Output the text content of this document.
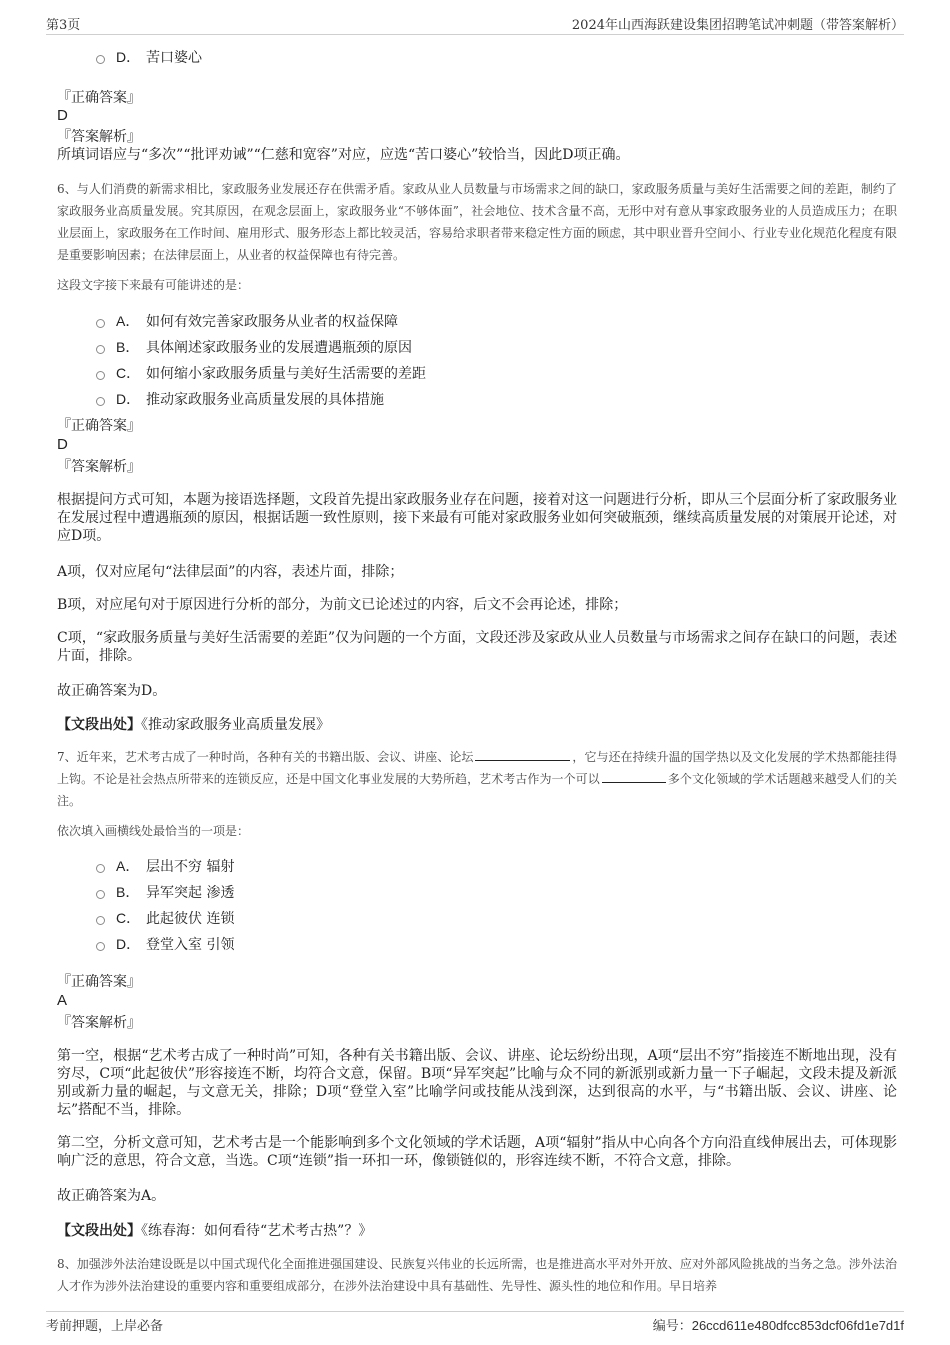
第3页	2024年山西海跃建设集团招聘笔试冲刺题（带答案解析）
D． 苦口婆心
『正确答案』
D
『答案解析』
所填词语应与“多次”“批评劝诫”“仁慈和宽容”对应，应选“苦口婆心”较恰当，因此D项正确。
6、与人们消费的新需求相比，家政服务业发展还存在供需矛盾。家政从业人员数量与市场需求之间的缺口，家政服务质量与美好生活需要之间的差距，制约了家政服务业高质量发展。究其原因，在观念层面上，家政服务业“不够体面”，社会地位、技术含量不高，无形中对有意从事家政服务业的人员造成压力；在职业层面上，家政服务在工作时间、雇用形式、服务形态上都比较灵活，容易给求职者带来稳定性方面的顾虑，其中职业晋升空间小、行业专业化规范化程度有限是重要影响因素；在法律层面上，从业者的权益保障也有待完善。
这段文字接下来最有可能讲述的是：
A． 如何有效完善家政服务从业者的权益保障
B． 具体阐述家政服务业的发展遭遇瓶颈的原因
C． 如何缩小家政服务质量与美好生活需要的差距
D． 推动家政服务业高质量发展的具体措施
『正确答案』
D
『答案解析』
根据提问方式可知，本题为接语选择题，文段首先提出家政服务业存在问题，接着对这一问题进行分析，即从三个层面分析了家政服务业在发展过程中遭遇瓶颈的原因，根据话题一致性原则，接下来最有可能对家政服务业如何突破瓶颈，继续高质量发展的对策展开论述，对应D项。
A项，仅对应尾句“法律层面”的内容，表述片面，排除；
B项，对应尾句对于原因进行分析的部分，为前文已论述过的内容，后文不会再论述，排除；
C项，“家政服务质量与美好生活需要的差距”仅为问题的一个方面，文段还涉及家政从业人员数量与市场需求之间存在缺口的问题，表述片面，排除。
故正确答案为D。
【文段出处】《推动家政服务业高质量发展》
7、近年来，艺术考古成了一种时尚，各种有关的书籍出版、会议、讲座、论坛	，它与还在持续升温的国学热以及文化发展的学术热都能挂得上钩。不论是社会热点所带来的连锁反应，还是中国文化事业发展的大势所趋，艺术考古作为一个可以	多个文化领域的学术话题越来越受人们的关注。
依次填入画横线处最恰当的一项是：
A． 层出不穷 辐射
B． 异军突起 渗透
C． 此起彼伏 连锁
D． 登堂入室 引领
『正确答案』
A
『答案解析』
第一空，根据“艺术考古成了一种时尚”可知，各种有关书籍出版、会议、讲座、论坛纷纷出现，A项“层出不穷”指接连不断地出现，没有穷尽，C项“此起彼伏”形容接连不断，均符合文意，保留。B项“异军突起”比喻与众不同的新派别或新力量一下子崛起，文段未提及新派别或新力量的崛起，与文意无关，排除；D项“登堂入室”比喻学问或技能从浅到深，达到很高的水平，与“书籍出版、会议、讲座、论坛”搭配不当，排除。
第二空，分析文意可知，艺术考古是一个能影响到多个文化领域的学术话题，A项“辐射”指从中心向各个方向沿直线伸展出去，可体现影响广泛的意思，符合文意，当选。C项“连锁”指一环扣一环，像锁链似的，形容连续不断，不符合文意，排除。
故正确答案为A。
【文段出处】《练春海：如何看待“艺术考古热”？》
8、加强涉外法治建设既是以中国式现代化全面推进强国建设、民族复兴伟业的长远所需，也是推进高水平对外开放、应对外部风险挑战的当务之急。涉外法治人才作为涉外法治建设的重要内容和重要组成部分，在涉外法治建设中具有基础性、先导性、源头性的地位和作用。早日培养
考前押题，上岸必备	编号：26ccd611e480dfcc853dcf06fd1e7d1f
